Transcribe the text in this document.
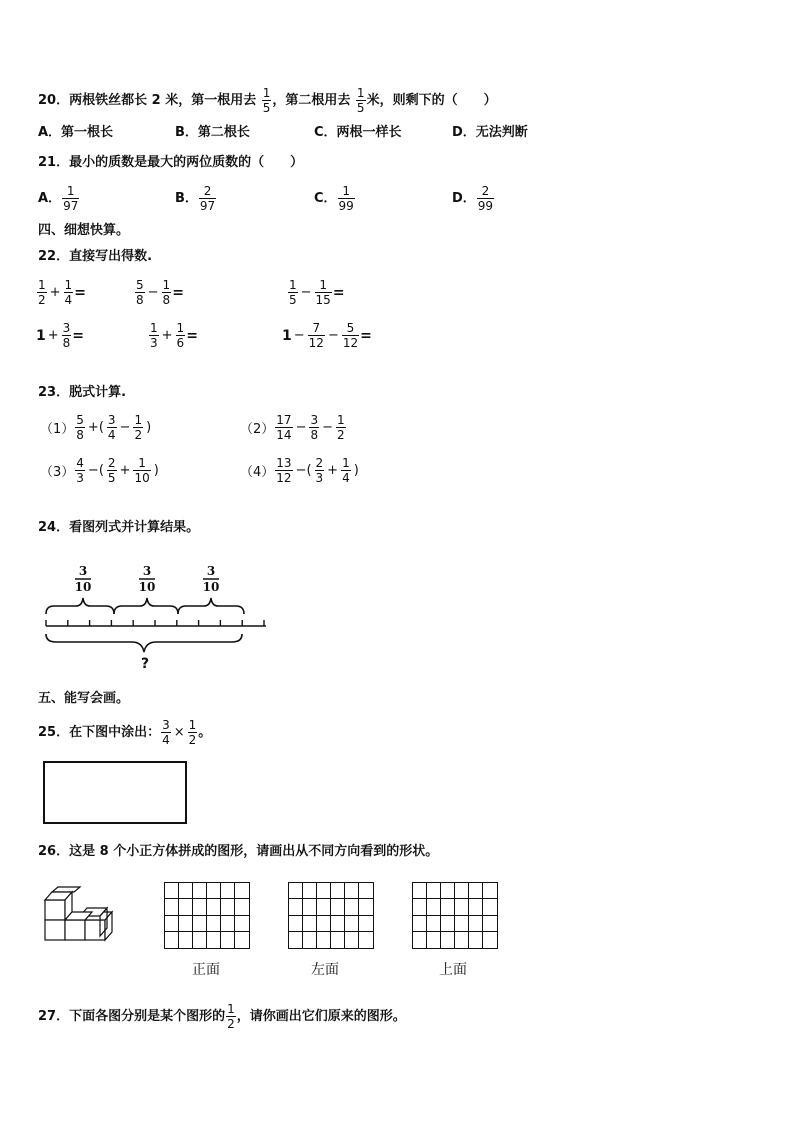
20．两根铁丝都长 2 米，第一根用去 $\frac{1}{5}$ ，第二根用去 $\frac{1}{5}$ 米，则剩下的（　　）
A．第一根长	B．第二根长	C．两根一样长	D．无法判断
21．最小的质数是最大的两位质数的（　　）
A． $\frac{1}{97}$	B． $\frac{2}{97}$	C． $\frac{1}{99}$	D． $\frac{2}{99}$
四、细想快算。
22．直接写出得数.
$\frac{1}{2} + \frac{1}{4}$ =	$\frac{5}{8} - \frac{1}{8}$ =	$\frac{1}{5} - \frac{1}{15}$ =
$1 + \frac{3}{8}$ =	$\frac{1}{3} + \frac{1}{6}$ =	$1 - \frac{7}{12} - \frac{5}{12}$ =
23．脱式计算.
$(1) \frac{5}{8}$ +( $\frac{3}{4} - \frac{1}{2}$ )	$(2) \frac{17}{14} - \frac{3}{8} - \frac{1}{2}$
$(3) \frac{4}{3}$ −( $\frac{2}{5} + \frac{1}{10}$ )	$(4) \frac{13}{12}$ −( $\frac{2}{3} + \frac{1}{4}$ )
24．看图列式并计算结果。
3
10
3
10
3
10
?
五、能写会画。
25． 在下图中涂出： $\frac{3}{4} \times \frac{1}{2}$ 。
26．这是 8 个小正方体拼成的图形，请画出从不同方向看到的形状。
正面	左面	上面
27． 下面各图分别是某个图形的 $\frac{1}{2}$ ，请你画出它们原来的图形。
